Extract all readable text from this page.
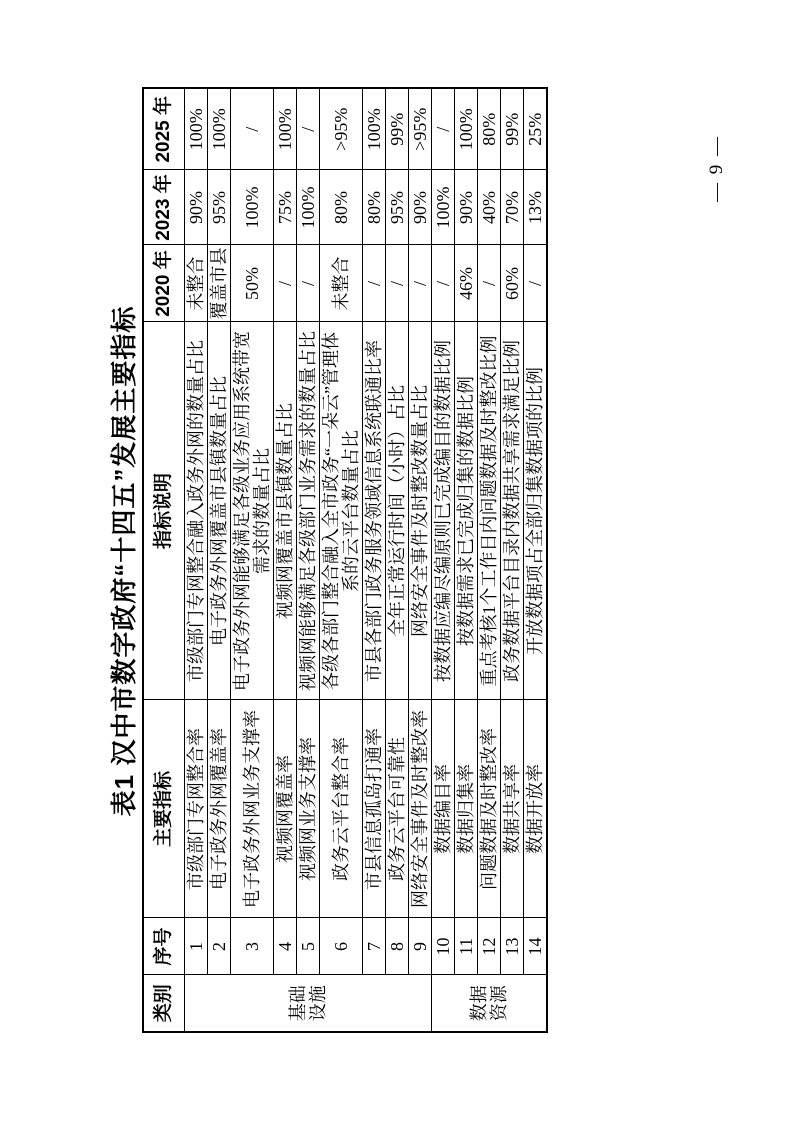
表1 汉中市数字政府“十四五”发展主要指标
类别	序号	主要指标	指标说明	2020 年	2023 年	2025 年
基础设施	1	市级部门专网整合率	市级部门专网整合融入政务外网的数量占比	未整合	90%	100%
	2	电子政务外网覆盖率	电子政务外网覆盖市县镇数量占比	覆盖市县	95%	100%
	3	电子政务外网业务支撑率	电子政务外网能够满足各级业务应用系统带宽需求的数量占比	50%	100%	/
	4	视频网覆盖率	视频网覆盖市县镇数量占比	/	75%	100%
	5	视频网业务支撑率	视频网能够满足各级部门业务需求的数量占比	/	100%	/
	6	政务云平台整合率	各级各部门整合融入全市政务“一朵云”管理体系的云平台数量占比	未整合	80%	>95%
	7	市县信息孤岛打通率	市县各部门政务服务领域信息系统联通比率	/	80%	100%
	8	政务云平台可靠性	全年正常运行时间（小时）占比	/	95%	99%
	9	网络安全事件及时整改率	网络安全事件及时整改数量占比	/	90%	>95%
数据资源	10	数据编目率	按数据应编尽编原则已完成编目的数据比例	/	100%	/
	11	数据归集率	按数据需求已完成归集的数据比例	46%	90%	100%
	12	问题数据及时整改率	重点考核1个工作日内问题数据及时整改比例	/	40%	80%
	13	数据共享率	政务数据平台目录内数据共享需求满足比例	60%	70%	99%
	14	数据开放率	开放数据项占全部归集数据项的比例	/	13%	25%
— 9 —
